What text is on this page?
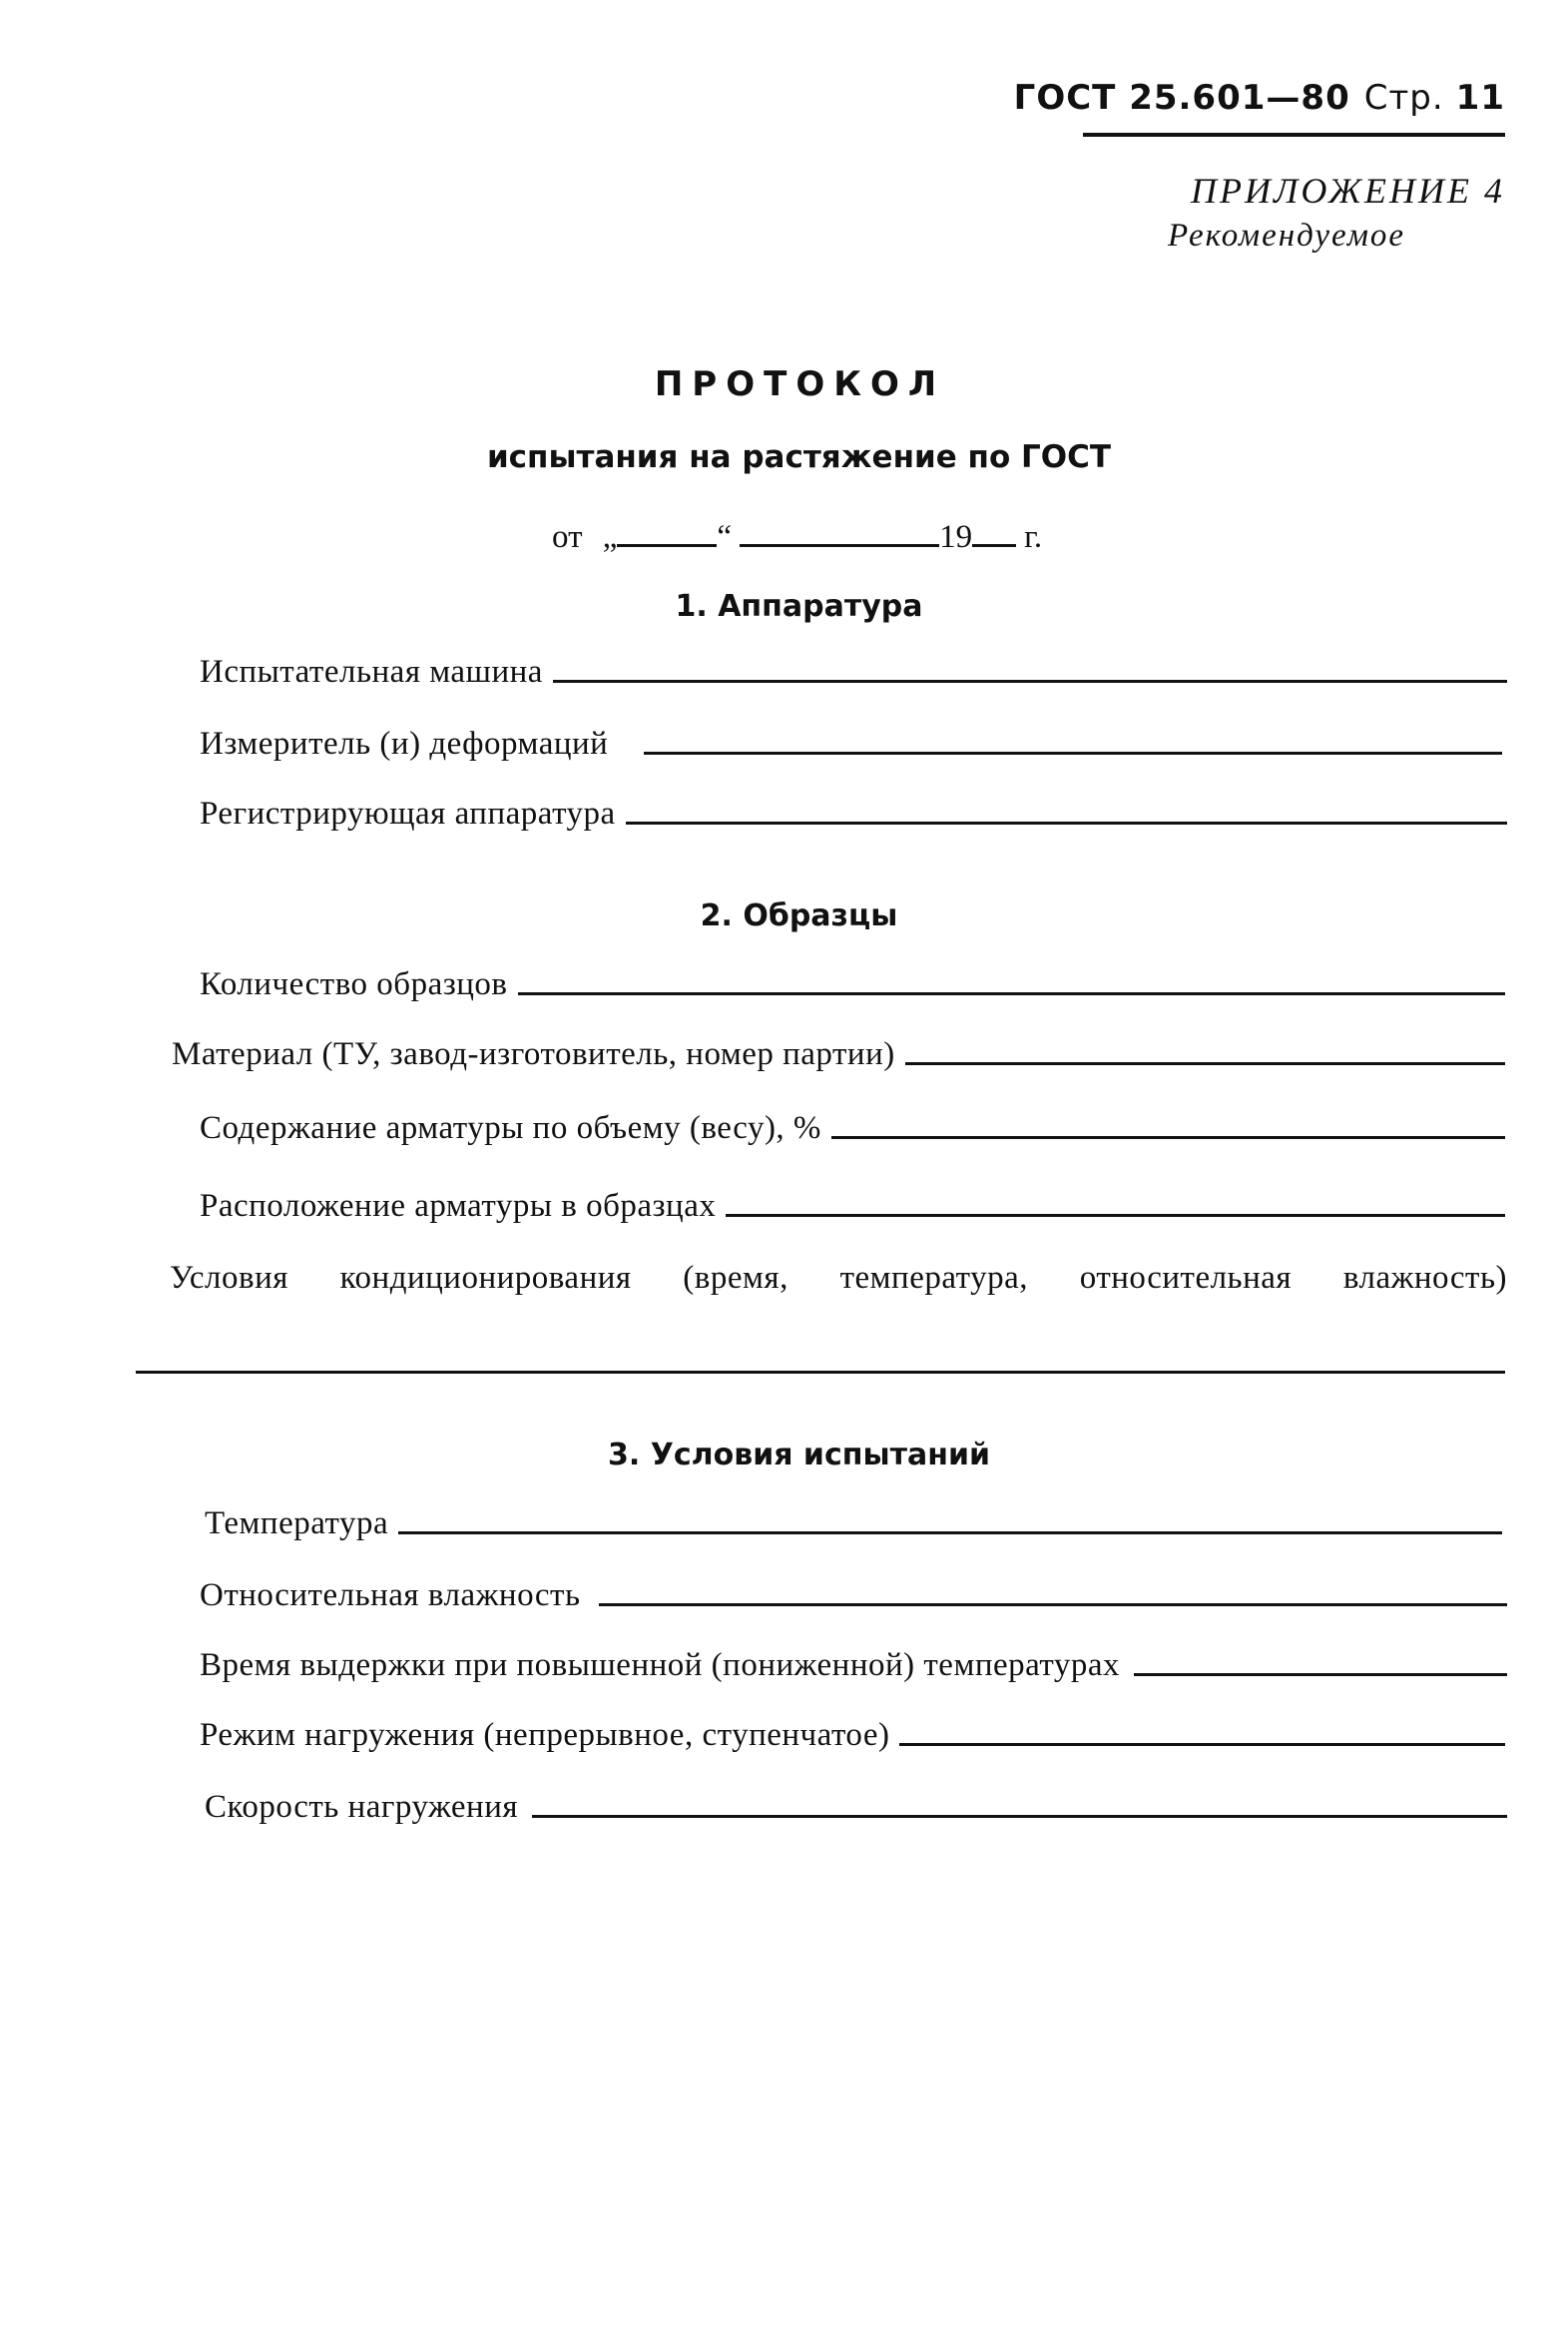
ГОСТ 25.601—80 Стр. 11
ПРИЛОЖЕНИЕ 4
Рекомендуемое
ПРОТОКОЛ
испытания на растяжение по ГОСТ
от „	“	19 г.
1. Аппаратура
Испытательная машина
Измеритель (и) деформаций
Регистрирующая аппаратура
2. Образцы
Количество образцов
Материал (ТУ, завод-изготовитель, номер партии)
Содержание арматуры по объему (весу), %
Расположение арматуры в образцах
Условия кондиционирования (время, температура, относительная влажность)
3. Условия испытаний
Температура
Относительная влажность
Время выдержки при повышенной (пониженной) температурах
Режим нагружения (непрерывное, ступенчатое)
Скорость нагружения
